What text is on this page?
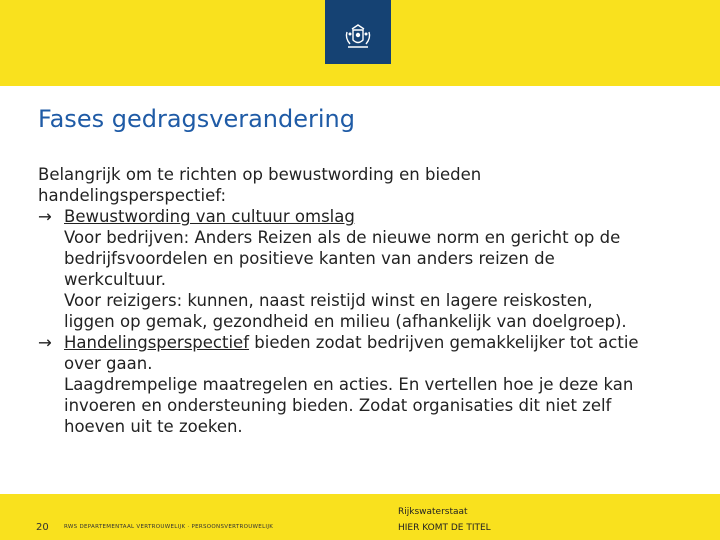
Fases gedragsverandering
Belangrijk om te richten op bewustwording en bieden
handelingsperspectief:
→ Bewustwording van cultuur omslag
Voor bedrijven: Anders Reizen als de nieuwe norm en gericht op de
bedrijfsvoordelen en positieve kanten van anders reizen de
werkcultuur.
Voor reizigers: kunnen, naast reistijd winst en lagere reiskosten,
liggen op gemak, gezondheid en milieu (afhankelijk van doelgroep).
→ Handelingsperspectief bieden zodat bedrijven gemakkelijker tot actie
over gaan.
Laagdrempelige maatregelen en acties. En vertellen hoe je deze kan
invoeren en ondersteuning bieden. Zodat organisaties dit niet zelf
hoeven uit te zoeken.
20	RWS DEPARTEMENTAAL VERTROUWELIJK · PERSOONSVERTROUWELIJK
Rijkswaterstaat
HIER KOMT DE TITEL
